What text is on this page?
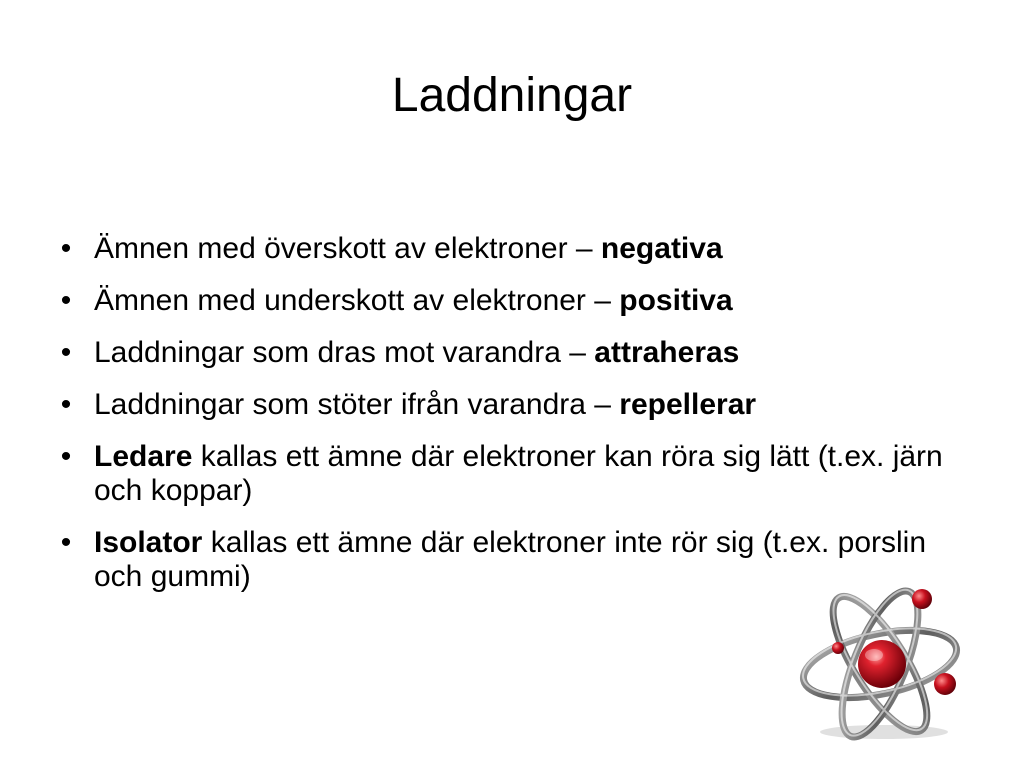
Laddningar
• Ämnen med överskott av elektroner – negativa
• Ämnen med underskott av elektroner – positiva
• Laddningar som dras mot varandra – attraheras
• Laddningar som stöter ifrån varandra – repellerar
• Ledare kallas ett ämne där elektroner kan röra sig lätt (t.ex. järn och koppar)
• Isolator kallas ett ämne där elektroner inte rör sig (t.ex. porslin och gummi)
